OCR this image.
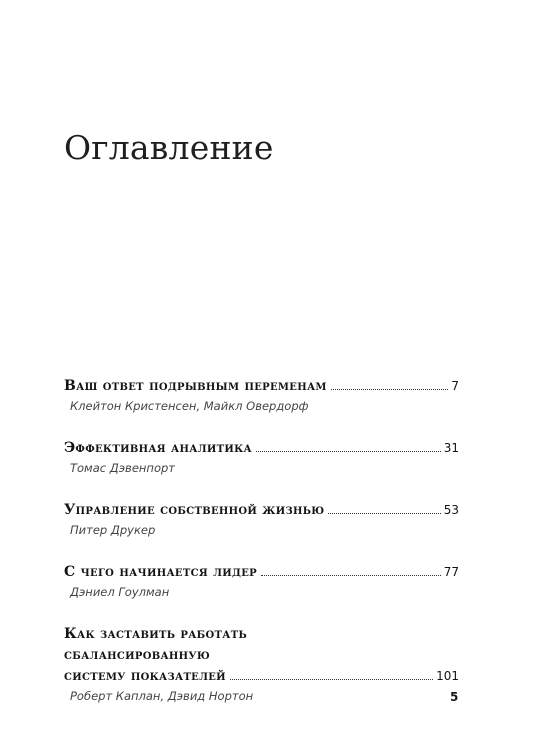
Оглавление
Ваш ответ подрывным переменам	7
Клейтон Кристенсен, Майкл Овердорф
Эффективная аналитика	31
Томас Дэвенпорт
Управление собственной жизнью	53
Питер Друкер
С чего начинается лидер	77
Дэниел Гоулман
Как заставить работать
сбалансированную
систему показателей	101
Роберт Каплан, Дэвид Нортон	5
